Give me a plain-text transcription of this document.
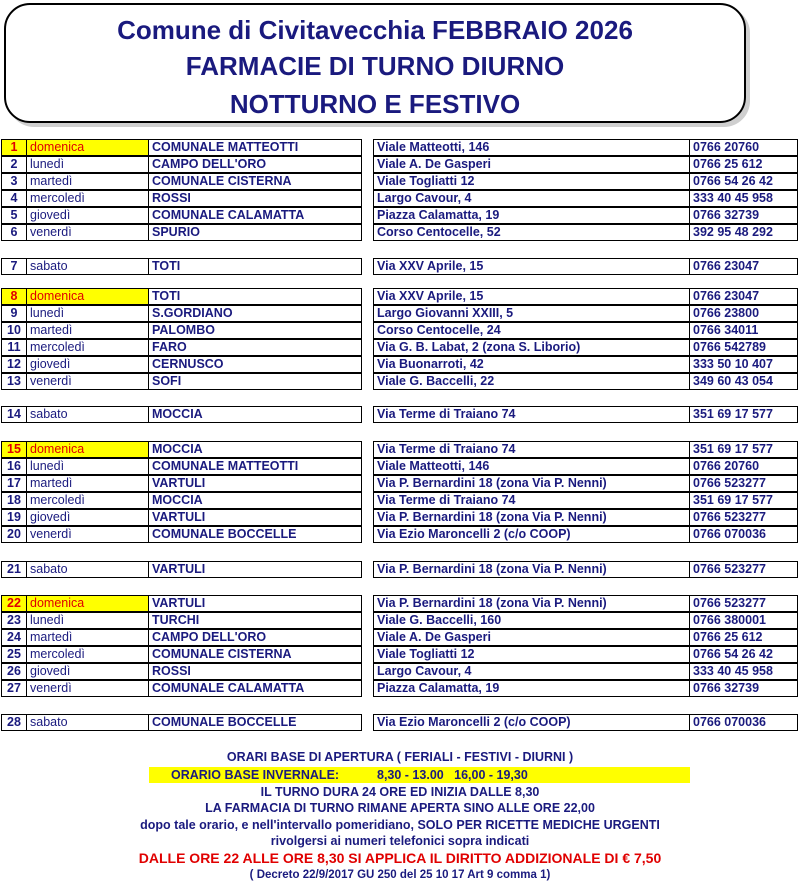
Comune di Civitavecchia FEBBRAIO 2026
FARMACIE DI TURNO DIURNO
NOTTURNO E FESTIVO
1	domenica	COMUNALE MATTEOTTI	Viale Matteotti, 146	0766 20760
2	lunedì	CAMPO DELL'ORO	Viale A. De Gasperi	0766 25 612
3	martedì	COMUNALE CISTERNA	Viale Togliatti 12	0766 54 26 42
4	mercoledì	ROSSI	Largo Cavour, 4	333 40 45 958
5	giovedì	COMUNALE CALAMATTA	Piazza Calamatta, 19	0766 32739
6	venerdì	SPURIO	Corso Centocelle, 52	392 95 48 292
7	sabato	TOTI	Via XXV Aprile, 15	0766 23047
8	domenica	TOTI	Via XXV Aprile, 15	0766 23047
9	lunedì	S.GORDIANO	Largo Giovanni XXIII, 5	0766 23800
10 martedì	PALOMBO	Corso Centocelle, 24	0766 34011
11 mercoledì	FARO	Via G. B. Labat, 2 (zona S. Liborio)	0766 542789
12 giovedì	CERNUSCO	Via Buonarroti, 42	333 50 10 407
13 venerdì	SOFI	Viale G. Baccelli, 22	349 60 43 054
14 sabato	MOCCIA	Via Terme di Traiano 74	351 69 17 577
15 domenica	MOCCIA	Via Terme di Traiano 74	351 69 17 577
16 lunedì	COMUNALE MATTEOTTI	Viale Matteotti, 146	0766 20760
17 martedì	VARTULI	Via P. Bernardini 18 (zona Via P. Nenni)	0766 523277
18 mercoledì	MOCCIA	Via Terme di Traiano 74	351 69 17 577
19 giovedì	VARTULI	Via P. Bernardini 18 (zona Via P. Nenni)	0766 523277
20 venerdì	COMUNALE BOCCELLE	Via Ezio Maroncelli 2 (c/o COOP)	0766 070036
21 sabato	VARTULI	Via P. Bernardini 18 (zona Via P. Nenni)	0766 523277
22 domenica	VARTULI	Via P. Bernardini 18 (zona Via P. Nenni)	0766 523277
23 lunedì	TURCHI	Viale G. Baccelli, 160	0766 380001
24 martedì	CAMPO DELL'ORO	Viale A. De Gasperi	0766 25 612
25 mercoledì	COMUNALE CISTERNA	Viale Togliatti 12	0766 54 26 42
26 giovedì	ROSSI	Largo Cavour, 4	333 40 45 958
27 venerdì	COMUNALE CALAMATTA	Piazza Calamatta, 19	0766 32739
28 sabato	COMUNALE BOCCELLE	Via Ezio Maroncelli 2 (c/o COOP)	0766 070036
ORARI BASE DI APERTURA ( FERIALI - FESTIVI - DIURNI )
ORARIO BASE INVERNALE:	8,30 - 13.00   16,00 - 19,30
IL TURNO DURA 24 ORE ED INIZIA DALLE 8,30
LA FARMACIA DI TURNO RIMANE APERTA SINO ALLE ORE 22,00
dopo tale orario, e nell'intervallo pomeridiano, SOLO PER RICETTE MEDICHE URGENTI
rivolgersi ai numeri telefonici sopra indicati
DALLE ORE 22 ALLE ORE 8,30 SI APPLICA IL DIRITTO ADDIZIONALE DI € 7,50
( Decreto 22/9/2017 GU 250 del 25 10 17 Art 9 comma 1)
